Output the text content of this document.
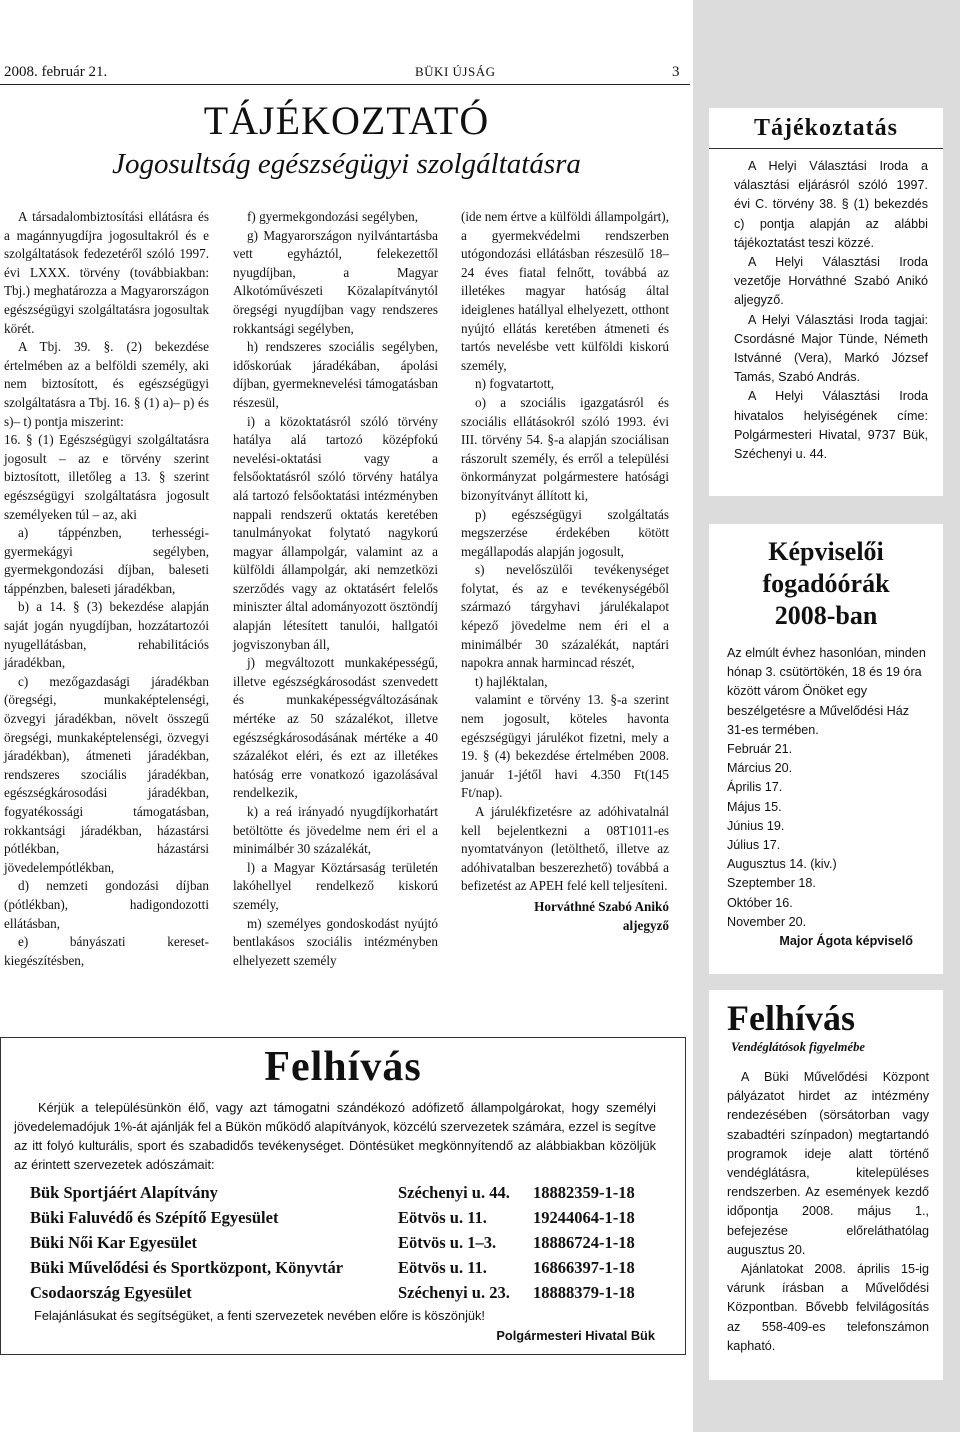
2008. február 21.	BÜKI ÚJSÁG	3
TÁJÉKOZTATÓ
Jogosultság egészségügyi szolgáltatásra

A társadalombiztosítási ellátásra és a magánnyugdíjra jogosultakról és e szolgáltatások fedezetéről szóló 1997. évi LXXX. törvény (továbbiakban: Tbj.) meghatározza a Magyarországon egészségügyi szolgáltatásra jogosultak körét.

A Tbj. 39. §. (2) bekezdése értelmében az a belföldi személy, aki nem biztosított, és egészségügyi szolgáltatásra a Tbj. 16. § (1) a)– p) és s)– t) pontja miszerint:

16. § (1) Egészségügyi szolgáltatásra jogosult – az e törvény szerint biztosított, illetőleg a 13. § szerint egészségügyi szolgáltatásra jogosult személyeken túl – az, aki

a) táppénzben, terhességi-gyermekágyi segélyben, gyermekgondozási díjban, baleseti táppénzben, baleseti járadékban,

b) a 14. § (3) bekezdése alapján saját jogán nyugdíjban, hozzátartozói nyugellátásban, rehabilitációs járadékban,

c) mezőgazdasági járadékban (öregségi, munkaképtelenségi, özvegyi járadékban, növelt összegű öregségi, munkaképtelenségi, özvegyi járadékban), átmeneti járadékban, rendszeres szociális járadékban, egészségkárosodási járadékban, fogyatékossági támogatásban, rokkantsági járadékban, házastársi pótlékban, házastársi jövedelempótlékban,

d) nemzeti gondozási díjban (pótlékban), hadigondozotti ellátásban,

e) bányászati kereset-kiegészítésben,

f) gyermekgondozási segélyben,

g) Magyarországon nyilvántartásba vett egyháztól, felekezettől nyugdíjban, a Magyar Alkotóművészeti Közalapítványtól öregségi nyugdíjban vagy rendszeres rokkantsági segélyben,

h) rendszeres szociális segélyben, időskorúak járadékában, ápolási díjban, gyermeknevelési támogatásban részesül,

i) a közoktatásról szóló törvény hatálya alá tartozó középfokú nevelési-oktatási vagy a felsőoktatásról szóló törvény hatálya alá tartozó felsőoktatási intézményben nappali rendszerű oktatás keretében tanulmányokat folytató nagykorú magyar állampolgár, valamint az a külföldi állampolgár, aki nemzetközi szerződés vagy az oktatásért felelős miniszter által adományozott ösztöndíj alapján létesített tanulói, hallgatói jogviszonyban áll,

j) megváltozott munkaképességű, illetve egészségkárosodást szenvedett és munkaképességváltozásának mértéke az 50 százalékot, illetve egészségkárosodásának mértéke a 40 százalékot eléri, és ezt az illetékes hatóság erre vonatkozó igazolásával rendelkezik,

k) a reá irányadó nyugdíjkorhatárt betöltötte és jövedelme nem éri el a minimálbér 30 százalékát,

l) a Magyar Köztársaság területén lakóhellyel rendelkező kiskorú személy,

m) személyes gondoskodást nyújtó bentlakásos szociális intézményben elhelyezett személy

(ide nem értve a külföldi állampolgárt), a gyermekvédelmi rendszerben utógondozási ellátásban részesülő 18–24 éves fiatal felnőtt, továbbá az illetékes magyar hatóság által ideiglenes hatállyal elhelyezett, otthont nyújtó ellátás keretében átmeneti és tartós nevelésbe vett külföldi kiskorú személy,

n) fogvatartott,

o) a szociális igazgatásról és szociális ellátásokról szóló 1993. évi III. törvény 54. §-a alapján szociálisan rászorult személy, és erről a települési önkormányzat polgármestere hatósági bizonyítványt állított ki,

p) egészségügyi szolgáltatás megszerzése érdekében kötött megállapodás alapján jogosult,

s) nevelőszülői tevékenységet folytat, és az e tevékenységéből származó tárgyhavi járulékalapot képező jövedelme nem éri el a minimálbér 30 százalékát, naptári napokra annak harmincad részét,

t) hajléktalan,

valamint e törvény 13. §-a szerint nem jogosult, köteles havonta egészségügyi járulékot fizetni, mely a 19. § (4) bekezdése értelmében 2008. január 1-jétől havi 4.350 Ft(145 Ft/nap).

A járulékfizetésre az adóhivatalnál kell bejelentkezni a 08T1011-es nyomtatványon (letölthető, illetve az adóhivatalban beszerezhető) továbbá a befizetést az APEH felé kell teljesíteni.

Horváthné Szabó Anikó

aljegyző

Felhívás
Kérjük a településünkön élő, vagy azt támogatni szándékozó adófizető állampolgárokat, hogy személyi jövedelemadójuk 1%-át ajánlják fel a Bükön működő alapítványok, közcélú szervezetek számára, ezzel is segítve az itt folyó kulturális, sport és szabadidős tevékenységet. Döntésüket megkönnyítendő az alábbiakban közöljük az érintett szervezetek adószámait:
Bük Sportjáért Alapítvány	Széchenyi u. 44.	18882359-1-18
Büki Faluvédő és Szépítő Egyesület	Eötvös u. 11.	19244064-1-18
Büki Női Kar Egyesület	Eötvös u. 1–3.	18886724-1-18
Büki Művelődési és Sportközpont, Könyvtár	Eötvös u. 11.	16866397-1-18
Csodaország Egyesület	Széchenyi u. 23.	18888379-1-18
Felajánlásukat és segítségüket, a fenti szervezetek nevében előre is köszönjük!
Polgármesteri Hivatal Bük
Tájékoztatás

A Helyi Választási Iroda a választási eljárásról szóló 1997. évi C. törvény 38. § (1) bekezdés c) pontja alapján az alábbi tájékoztatást teszi közzé.

A Helyi Választási Iroda vezetője Horváthné Szabó Anikó aljegyző.

A Helyi Választási Iroda tagjai: Csordásné Major Tünde, Németh Istvánné (Vera), Markó József Tamás, Szabó András.

A Helyi Választási Iroda hivatalos helyiségének címe: Polgármesteri Hivatal, 9737 Bük, Széchenyi u. 44.

Képviselői
fogadóórák
2008-ban
Az elmúlt évhez hasonlóan, minden hónap 3. csütörtökén, 18 és 19 óra között várom Önöket egy beszélgetésre a Művelődési Ház 31-es termében.

Február 21.

Március 20.

Április 17.

Május 15.

Június 19.

Július 17.

Augusztus 14. (kiv.)

Szeptember 18.

Október 16.

November 20.

Major Ágota képviselő
Felhívás
Vendéglátósok figyelmébe

A Büki Művelődési Központ pályázatot hirdet az intézmény rendezésében (sörsátorban vagy szabadtéri színpadon) megtartandó programok ideje alatt történő vendéglátásra, kitelepüléses rendszerben. Az események kezdő időpontja 2008. május 1., befejezése előreláthatólag augusztus 20.

Ajánlatokat 2008. április 15-ig várunk írásban a Művelődési Központban. Bővebb felvilágosítás az 558-409-es telefonszámon kapható.
